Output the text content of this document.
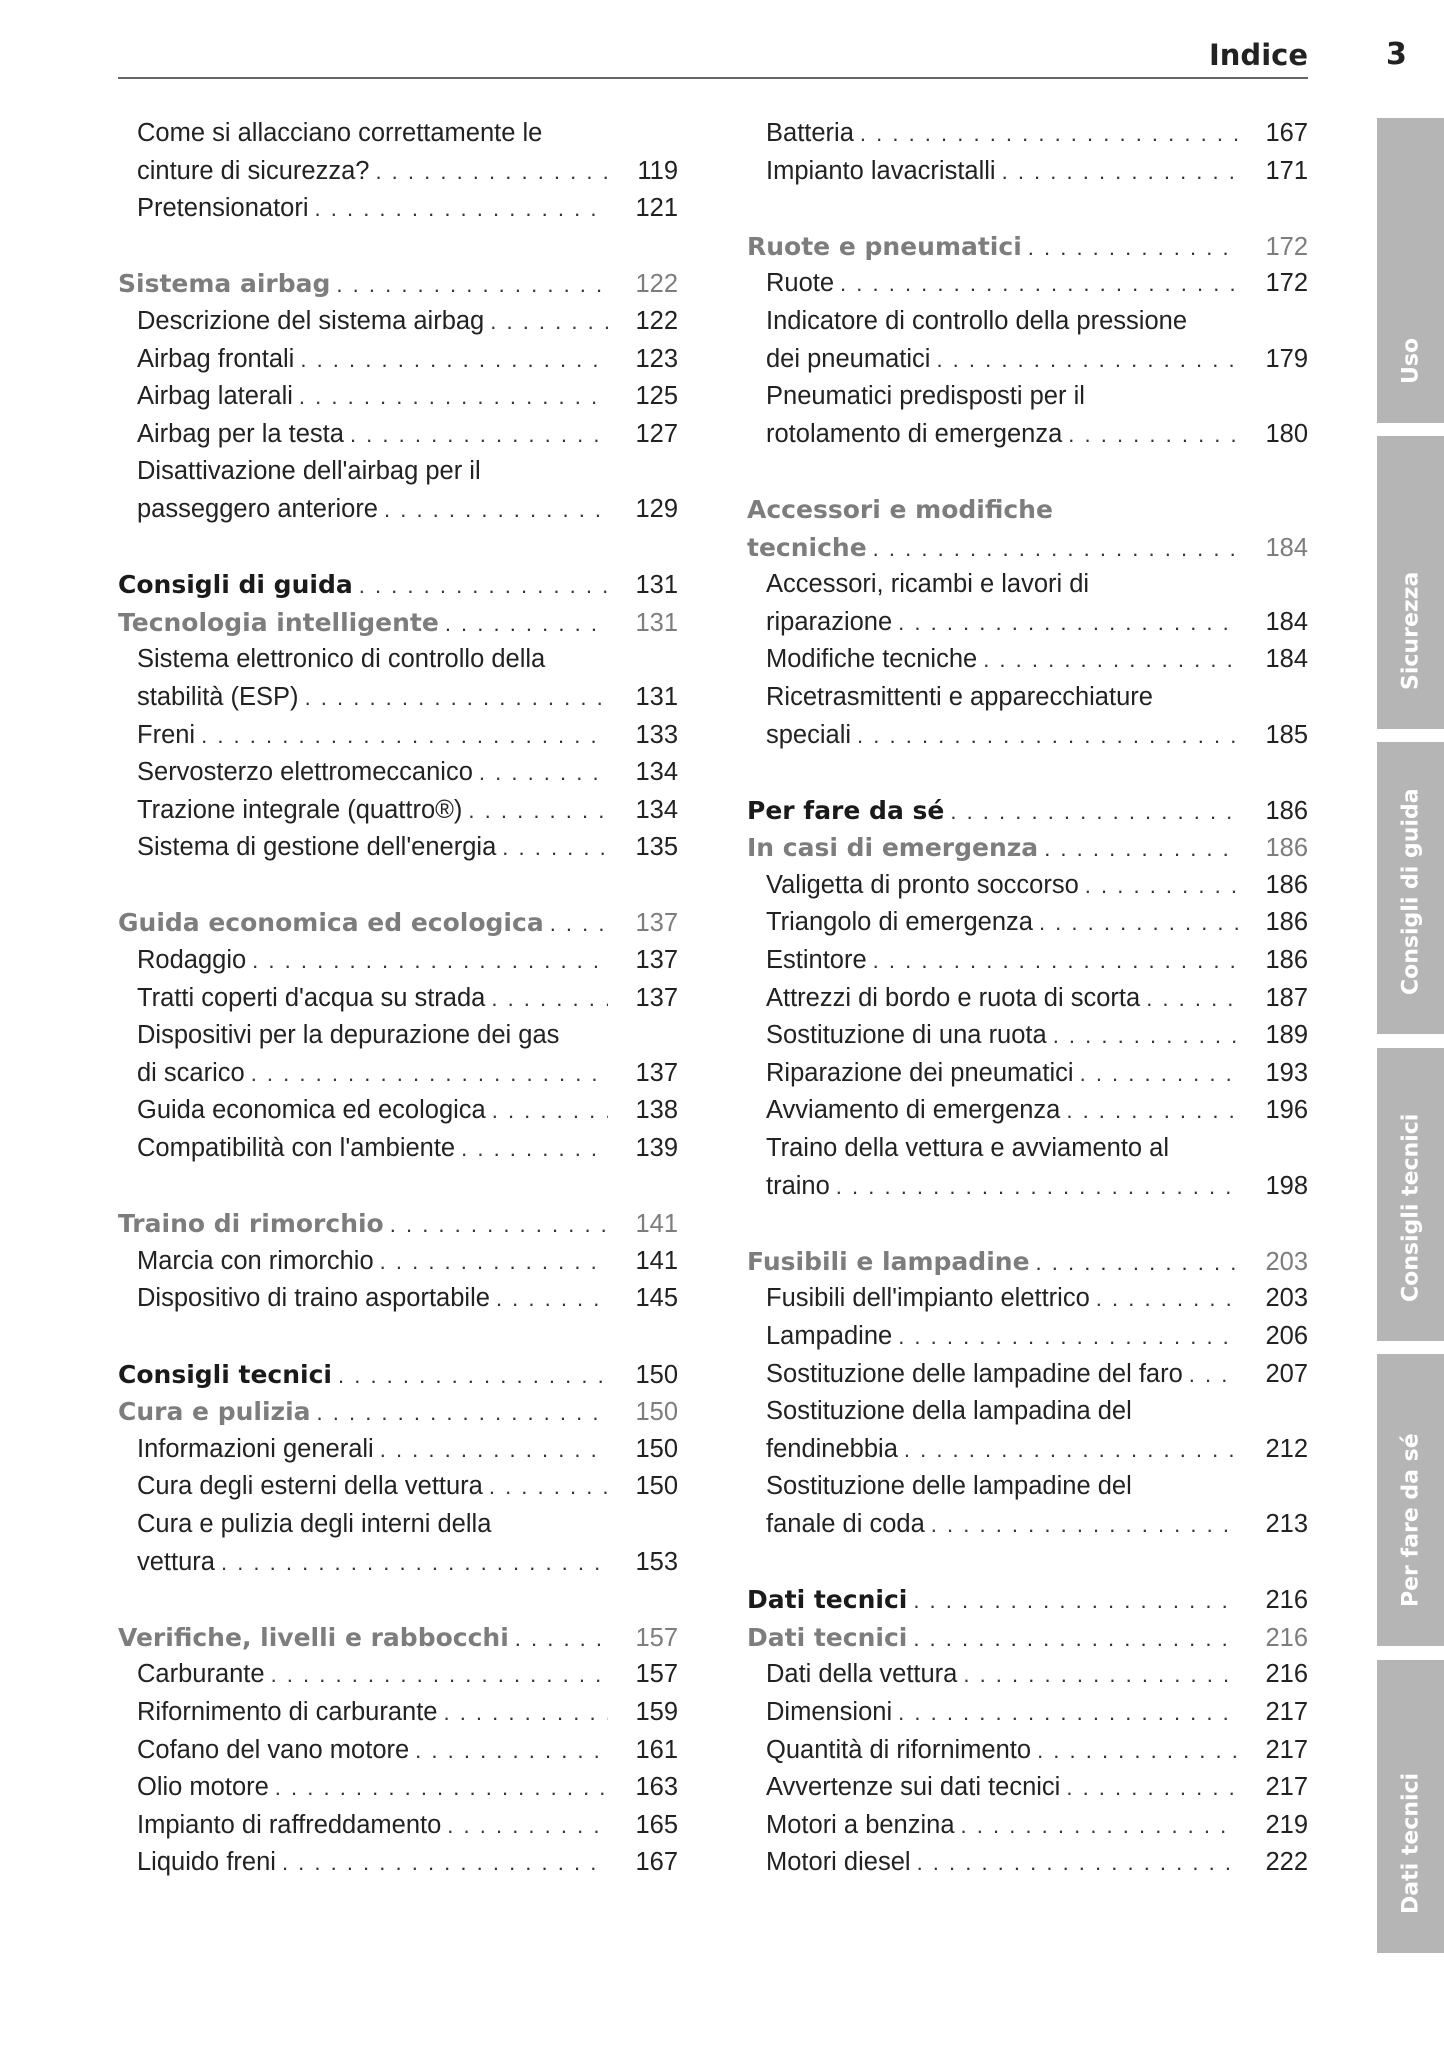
Indice	3
Come si allacciano correttamente le
cinture di sicurezza? . . .	119
Pretensionatori . . .	121
Sistema airbag . . .	122
Descrizione del sistema airbag . . .	122
Airbag frontali . . .	123
Airbag laterali . . .	125
Airbag per la testa . . .	127
Disattivazione dell'airbag per il
passeggero anteriore . . .	129
Consigli di guida . . .	131
Tecnologia intelligente . . .	131
Sistema elettronico di controllo della
stabilità (ESP) . . .	131
Freni . . .	133
Servosterzo elettromeccanico . . .	134
Trazione integrale (quattro®) . . .	134
Sistema di gestione dell'energia . . .	135
Guida economica ed ecologica . . .	137
Rodaggio . . .	137
Tratti coperti d'acqua su strada . . .	137
Dispositivi per la depurazione dei gas
di scarico . . .	137
Guida economica ed ecologica . . .	138
Compatibilità con l'ambiente . . .	139
Traino di rimorchio . . .	141
Marcia con rimorchio . . .	141
Dispositivo di traino asportabile . . .	145
Consigli tecnici . . .	150
Cura e pulizia . . .	150
Informazioni generali . . .	150
Cura degli esterni della vettura . . .	150
Cura e pulizia degli interni della
vettura . . .	153
Verifiche, livelli e rabbocchi . . .	157
Carburante . . .	157
Rifornimento di carburante . . .	159
Cofano del vano motore . . .	161
Olio motore . . .	163
Impianto di raffreddamento . . .	165
Liquido freni . . .	167
Batteria . . .	167
Impianto lavacristalli . . .	171
Ruote e pneumatici . . .	172
Ruote . . .	172
Indicatore di controllo della pressione
dei pneumatici . . .	179
Pneumatici predisposti per il
rotolamento di emergenza . . .	180
Accessori e modifiche
tecniche . . .	184
Accessori, ricambi e lavori di
riparazione . . .	184
Modifiche tecniche . . .	184
Ricetrasmittenti e apparecchiature
speciali . . .	185
Per fare da sé . . .	186
In casi di emergenza . . .	186
Valigetta di pronto soccorso . . .	186
Triangolo di emergenza . . .	186
Estintore . . .	186
Attrezzi di bordo e ruota di scorta . . .	187
Sostituzione di una ruota . . .	189
Riparazione dei pneumatici . . .	193
Avviamento di emergenza . . .	196
Traino della vettura e avviamento al
traino . . .	198
Fusibili e lampadine . . .	203
Fusibili dell'impianto elettrico . . .	203
Lampadine . . .	206
Sostituzione delle lampadine del faro . . .	207
Sostituzione della lampadina del
fendinebbia . . .	212
Sostituzione delle lampadine del
fanale di coda . . .	213
Dati tecnici . . .	216
Dati tecnici . . .	216
Dati della vettura . . .	216
Dimensioni . . .	217
Quantità di rifornimento . . .	217
Avvertenze sui dati tecnici . . .	217
Motori a benzina . . .	219
Motori diesel . . .	222
Uso
Sicurezza
Consigli di guida
Consigli tecnici
Per fare da sé
Dati tecnici
